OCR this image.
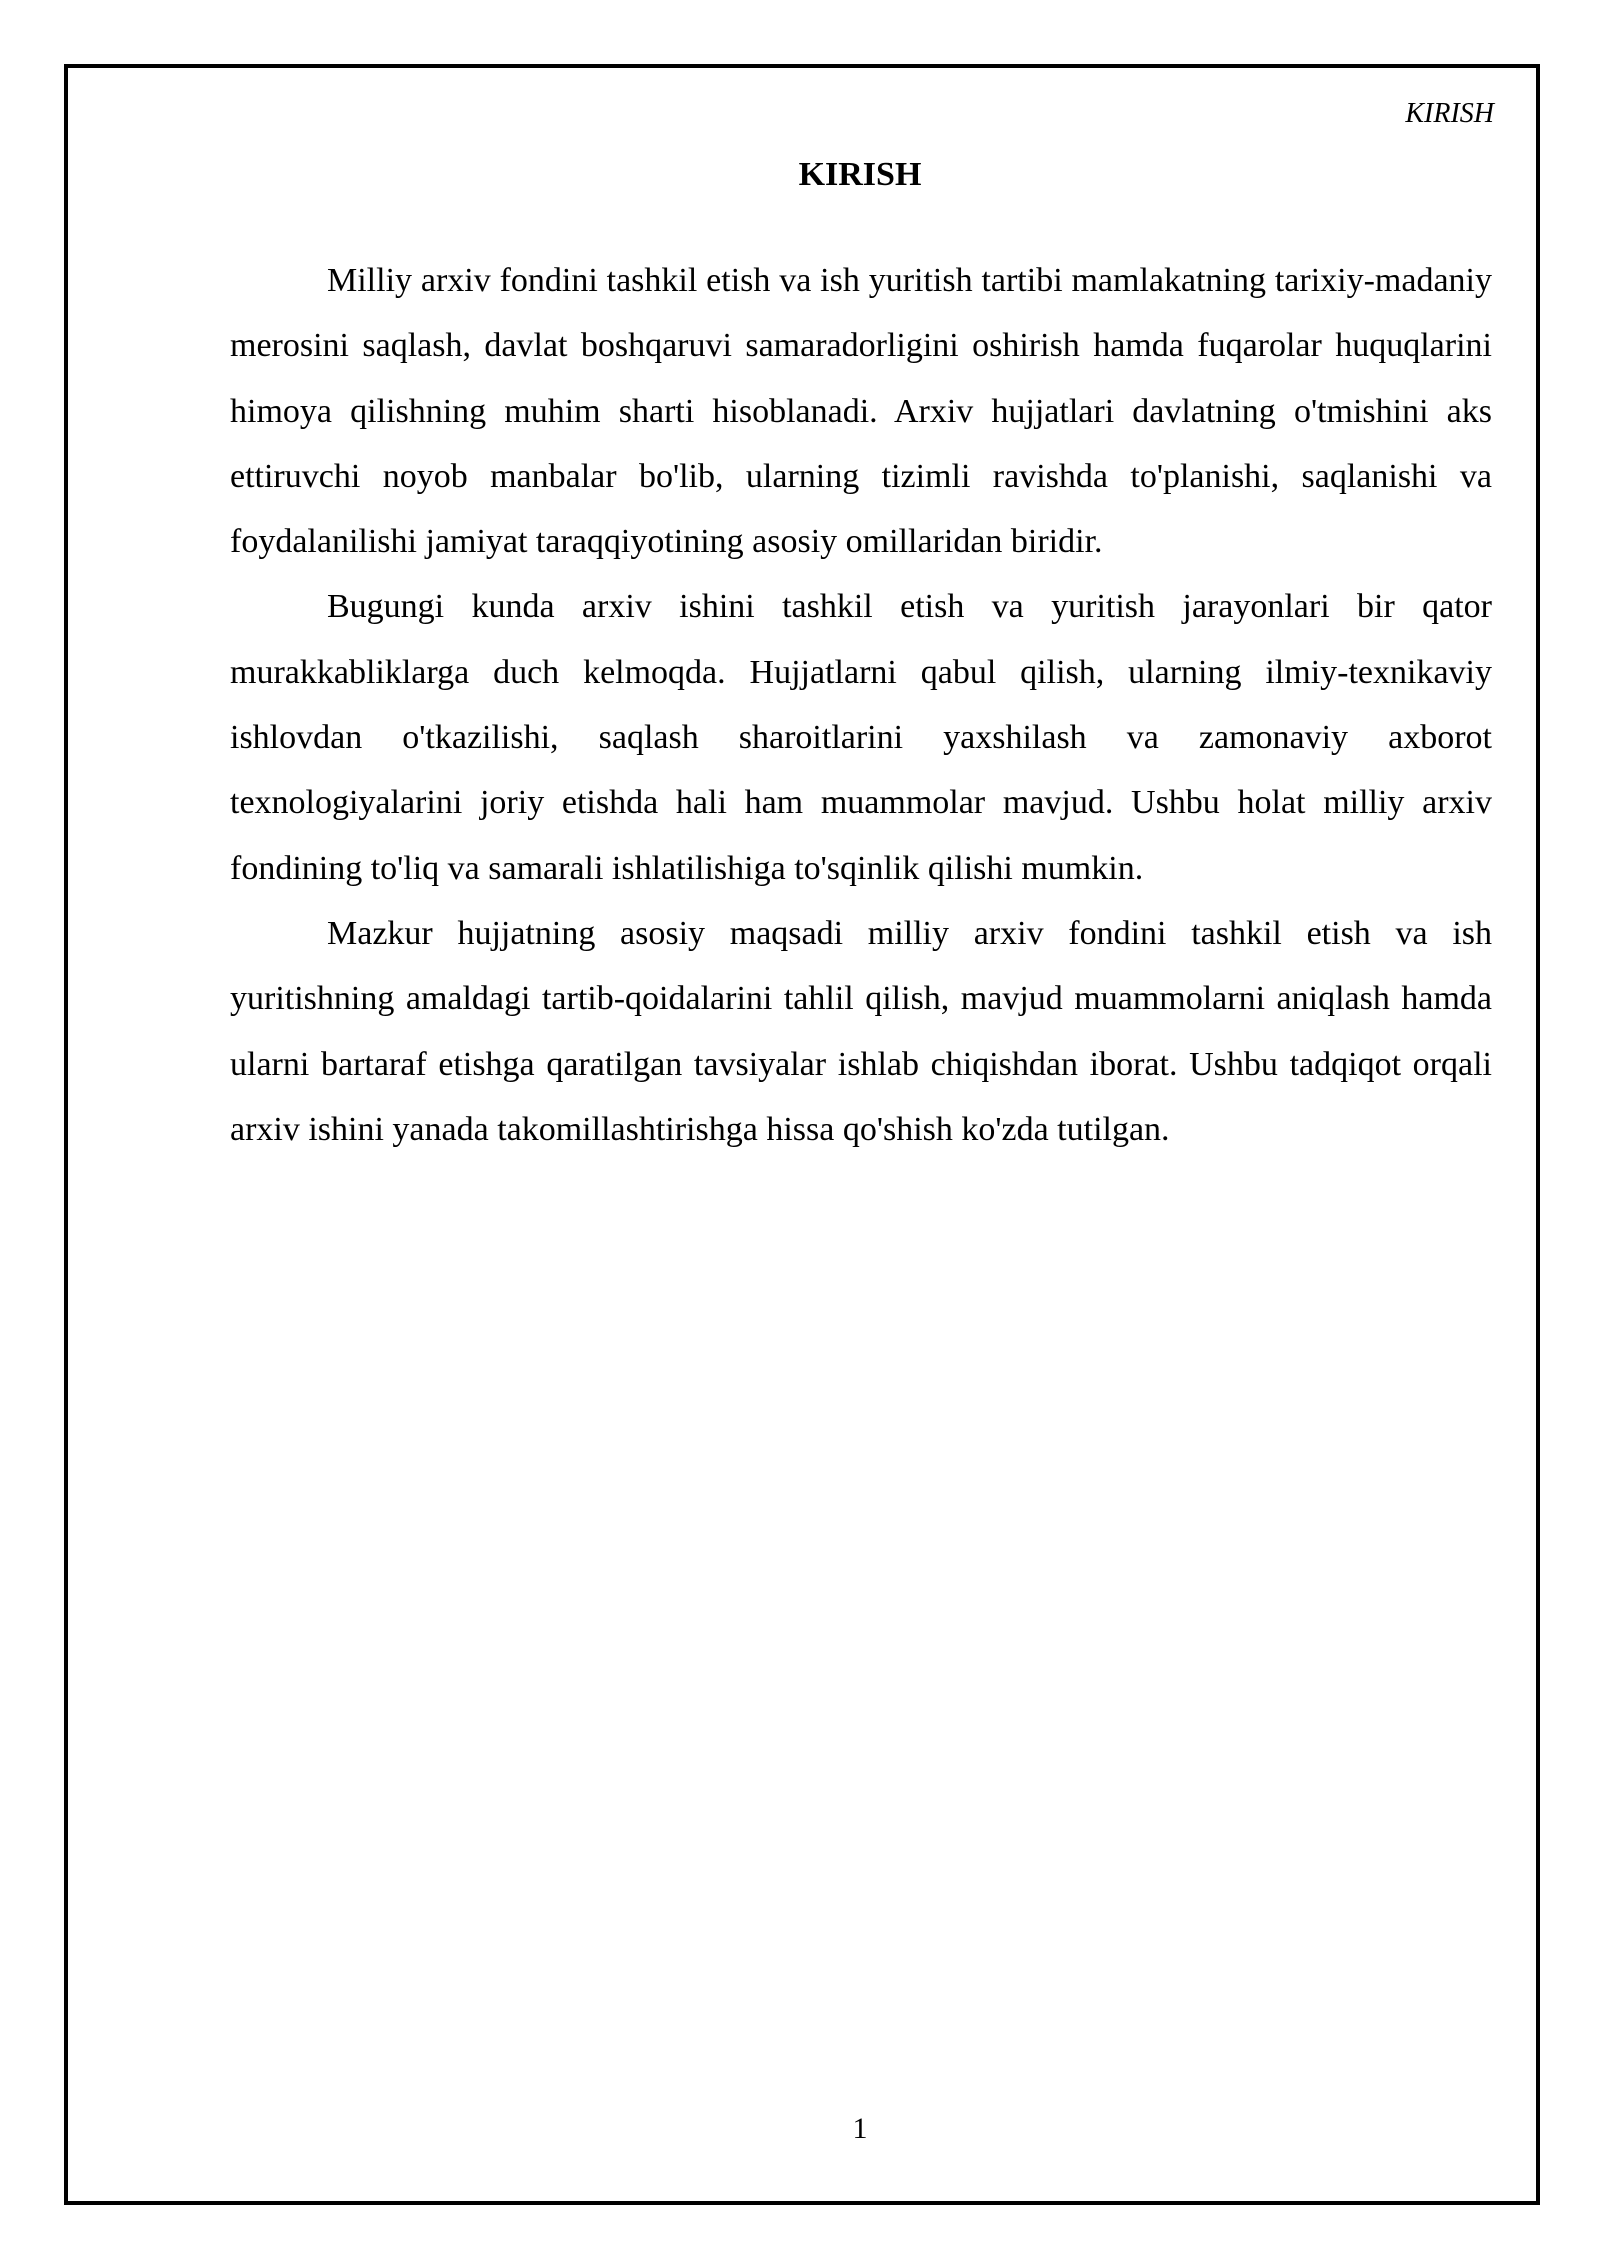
KIRISH
KIRISH

Milliy arxiv fondini tashkil etish va ish yuritish tartibi mamlakatning tarixiy-madaniy merosini saqlash, davlat boshqaruvi samaradorligini oshirish hamda fuqarolar huquqlarini himoya qilishning muhim sharti hisoblanadi. Arxiv hujjatlari davlatning o'tmishini aks ettiruvchi noyob manbalar bo'lib, ularning tizimli ravishda to'planishi, saqlanishi va foydalanilishi jamiyat taraqqiyotining asosiy omillaridan biridir.

Bugungi kunda arxiv ishini tashkil etish va yuritish jarayonlari bir qator murakkabliklarga duch kelmoqda. Hujjatlarni qabul qilish, ularning ilmiy-texnikaviy ishlovdan o'tkazilishi, saqlash sharoitlarini yaxshilash va zamonaviy axborot texnologiyalarini joriy etishda hali ham muammolar mavjud. Ushbu holat milliy arxiv fondining to'liq va samarali ishlatilishiga to'sqinlik qilishi mumkin.

Mazkur hujjatning asosiy maqsadi milliy arxiv fondini tashkil etish va ish yuritishning amaldagi tartib-qoidalarini tahlil qilish, mavjud muammolarni aniqlash hamda ularni bartaraf etishga qaratilgan tavsiyalar ishlab chiqishdan iborat. Ushbu tadqiqot orqali arxiv ishini yanada takomillashtirishga hissa qo'shish ko'zda tutilgan.

1
